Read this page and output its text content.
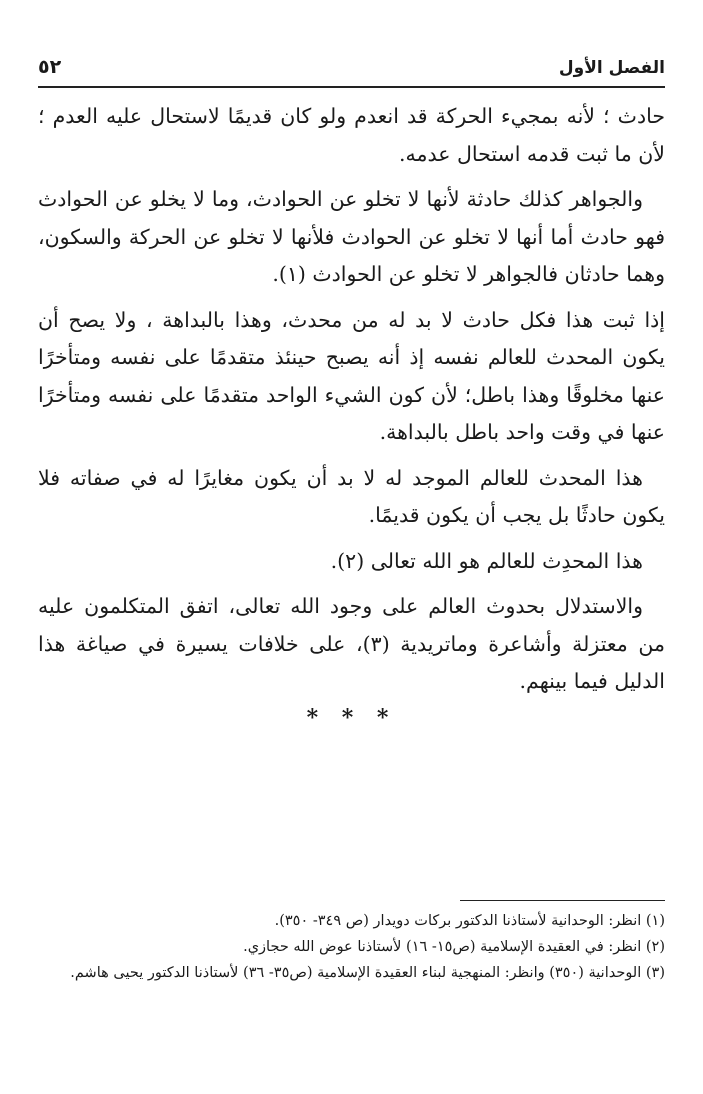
الفصل الأول
٥٢

حادث ؛ لأنه بمجيء الحركة قد انعدم ولو كان قديمًا لاستحال عليه العدم ؛ لأن ما ثبت قدمه استحال عدمه.

والجواهر كذلك حادثة لأنها لا تخلو عن الحوادث، وما لا يخلو عن الحوادث فهو حادث أما أنها لا تخلو عن الحوادث فلأنها لا تخلو عن الحركة والسكون، وهما حادثان فالجواهر لا تخلو عن الحوادث (١).

إذا ثبت هذا فكل حادث لا بد له من محدث، وهذا بالبداهة ، ولا يصح أن يكون المحدث للعالم نفسه إذ أنه يصبح حينئذ متقدمًا على نفسه ومتأخرًا عنها مخلوقًا وهذا باطل؛ لأن كون الشيء الواحد متقدمًا على نفسه ومتأخرًا عنها في وقت واحد باطل بالبداهة.

هذا المحدث للعالم الموجد له لا بد أن يكون مغايرًا له في صفاته فلا يكون حادثًا بل يجب أن يكون قديمًا.

هذا المحدِث للعالم هو الله تعالى (٢).

والاستدلال بحدوث العالم على وجود الله تعالى، اتفق المتكلمون عليه من معتزلة وأشاعرة وماتريدية (٣)، على خلافات يسيرة في صياغة هذا الدليل فيما بينهم.

* * *

(١) انظر: الوحدانية لأستاذنا الدكتور بركات دويدار (ص ٣٤٩- ٣٥٠).

(٢) انظر: في العقيدة الإسلامية (ص١٥- ١٦) لأستاذنا عوض الله حجازي.

(٣) الوحدانية (٣٥٠) وانظر: المنهجية لبناء العقيدة الإسلامية (ص٣٥- ٣٦) لأستاذنا الدكتور يحيى هاشم.
